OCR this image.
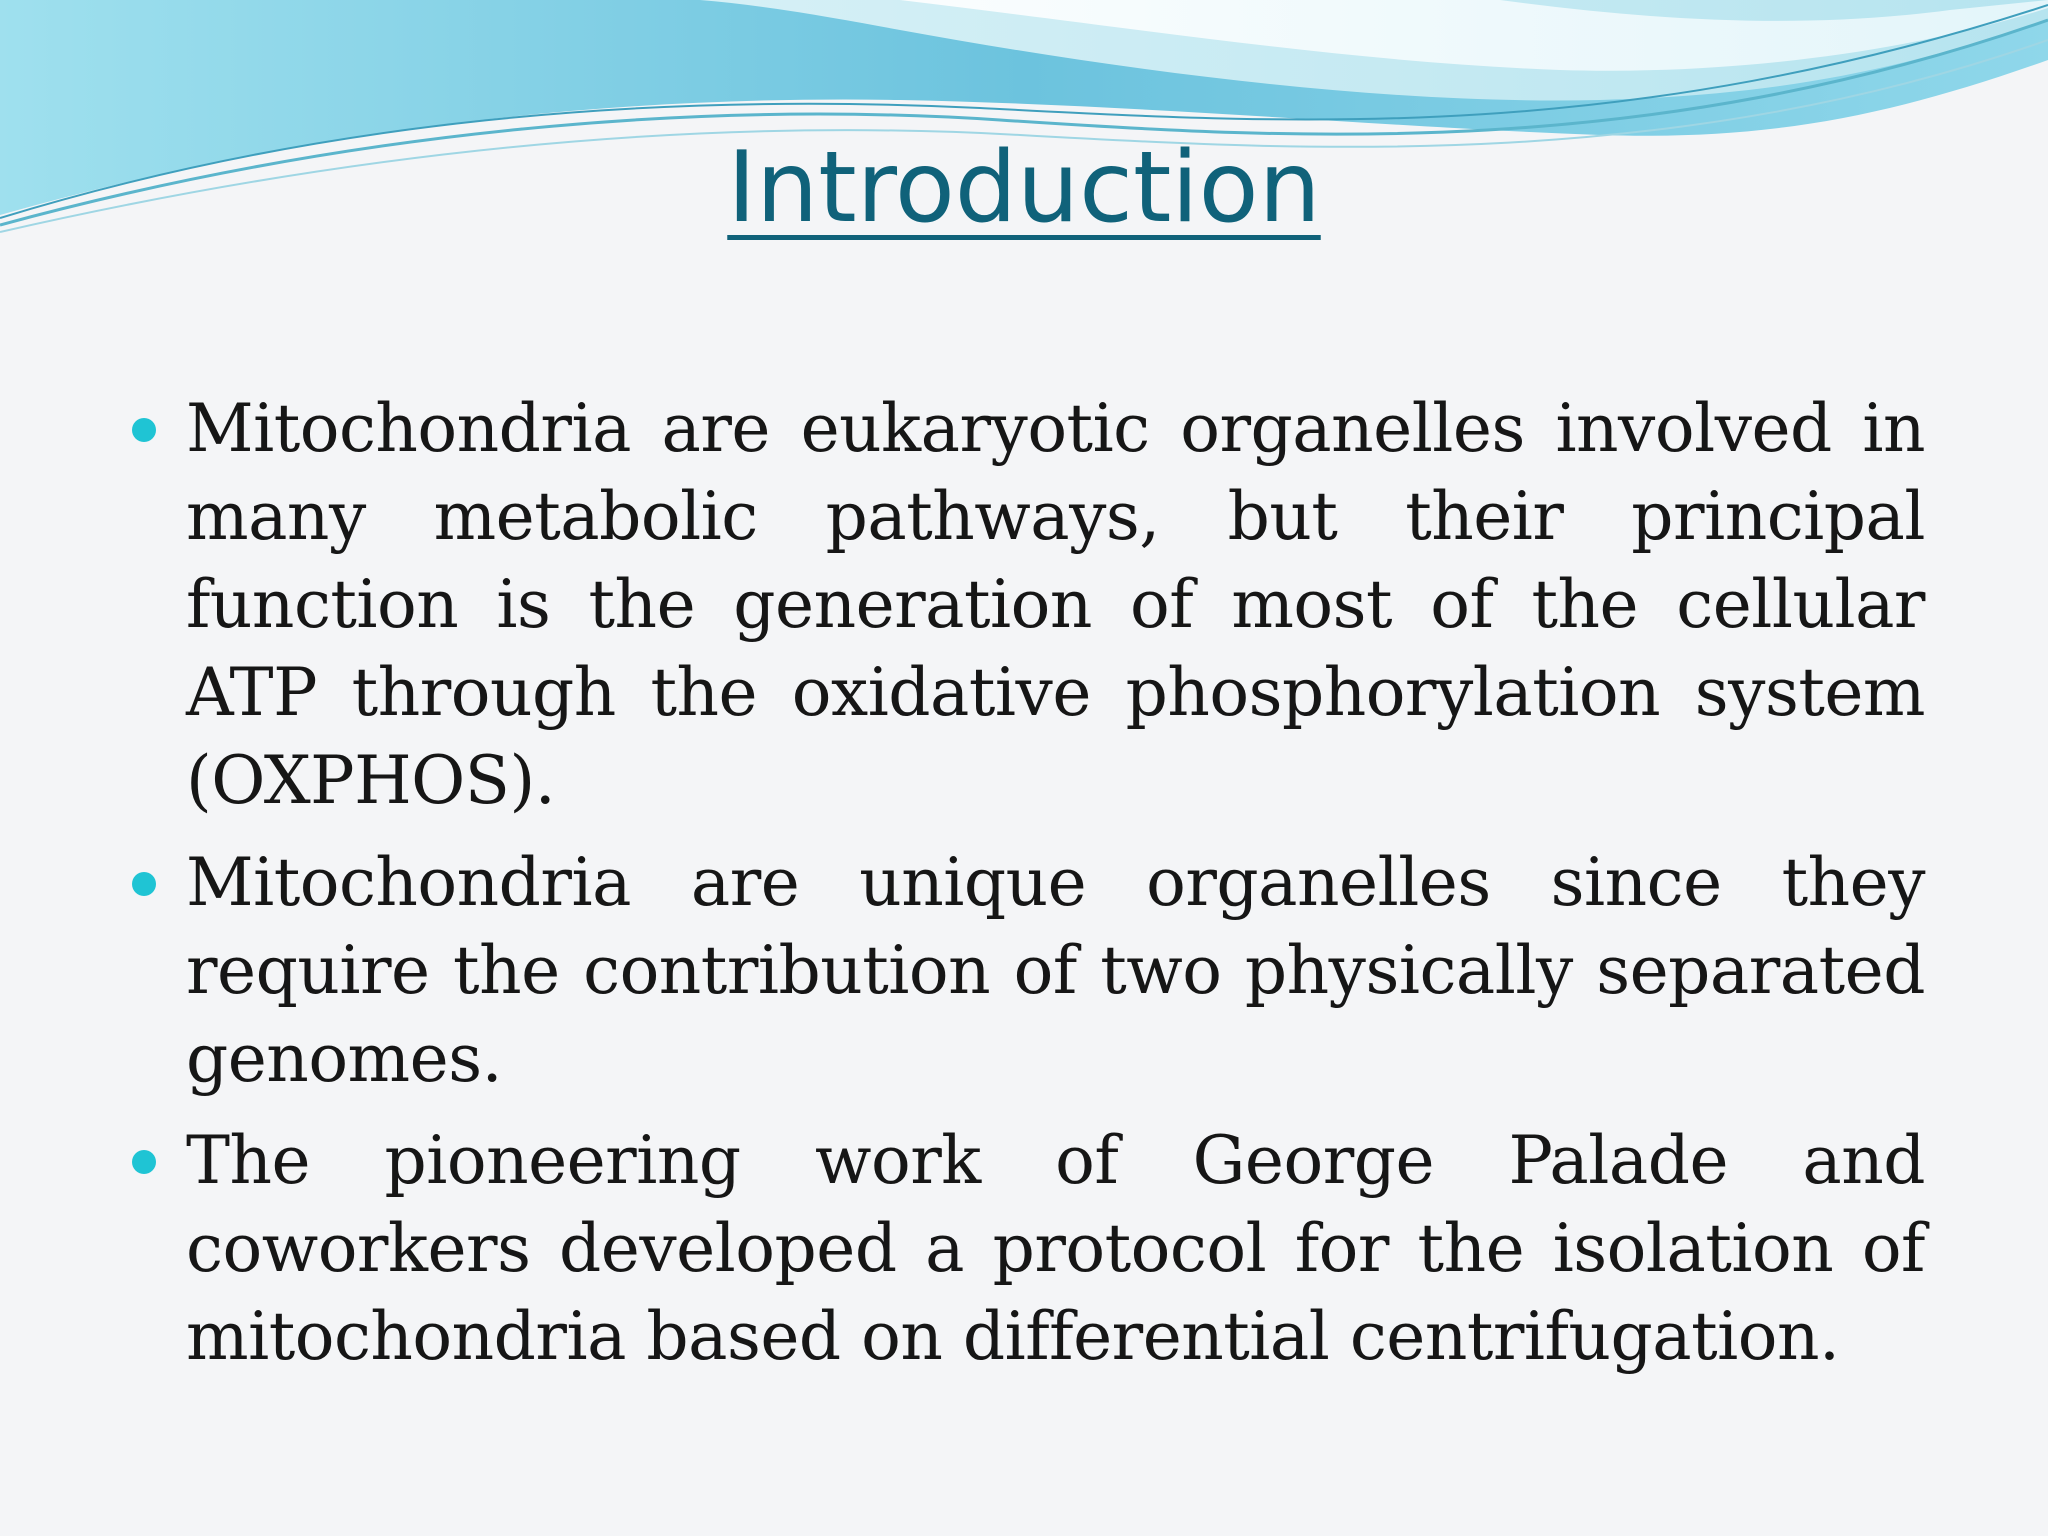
Introduction
Mitochondria are eukaryotic organelles involved in many metabolic pathways, but their principal function is the generation of most of the cellular ATP through the oxidative phosphorylation system (OXPHOS).
Mitochondria are unique organelles since they require the contribution of two physically separated genomes.
The pioneering work of George Palade and coworkers developed a protocol for the isolation of mitochondria based on differential centrifugation.
